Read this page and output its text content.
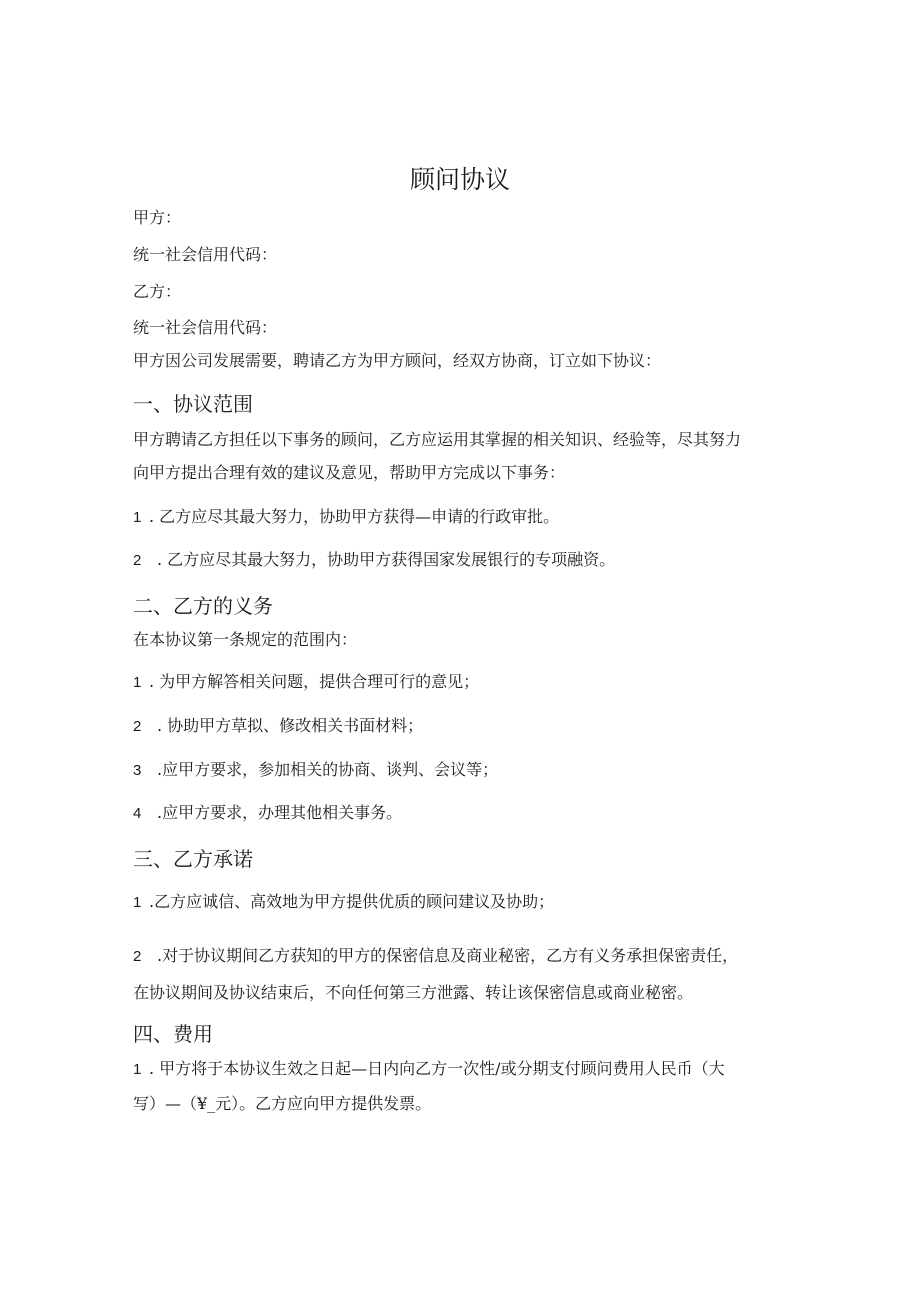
顾问协议
甲方：
统一社会信用代码：
乙方：
统一社会信用代码：
甲方因公司发展需要，聘请乙方为甲方顾问，经双方协商，订立如下协议：
一、协议范围
甲方聘请乙方担任以下事务的顾问，乙方应运用其掌握的相关知识、经验等，尽其努力
向甲方提出合理有效的建议及意见，帮助甲方完成以下事务：
1 . 乙方应尽其最大努力，协助甲方获得—申请的行政审批。
2 . 乙方应尽其最大努力，协助甲方获得国家发展银行的专项融资。
二、乙方的义务
在本协议第一条规定的范围内：
1 . 为甲方解答相关问题，提供合理可行的意见；
2 . 协助甲方草拟、修改相关书面材料；
3 .应甲方要求，参加相关的协商、谈判、会议等；
4 .应甲方要求，办理其他相关事务。
三、乙方承诺
1 .乙方应诚信、高效地为甲方提供优质的顾问建议及协助；
2 .对于协议期间乙方获知的甲方的保密信息及商业秘密，乙方有义务承担保密责任，
在协议期间及协议结束后，不向任何第三方泄露、转让该保密信息或商业秘密。
四、费用
1 . 甲方将于本协议生效之日起—日内向乙方一次性/或分期支付顾问费用人民币（大
写）—（¥_元）。乙方应向甲方提供发票。
